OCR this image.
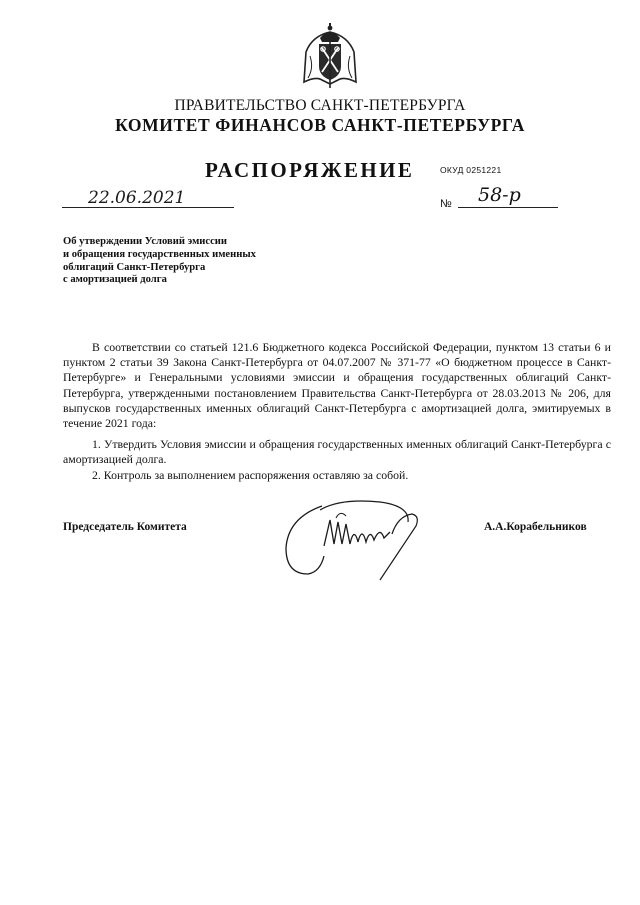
ПРАВИТЕЛЬСТВО САНКТ-ПЕТЕРБУРГА
КОМИТЕТ ФИНАНСОВ САНКТ-ПЕТЕРБУРГА
РАСПОРЯЖЕНИЕ	ОКУД 0251221
22.06.2021	№ 58-р
Об утверждении Условий эмиссии
и обращения государственных именных
облигаций Санкт-Петербурга
с амортизацией долга

В соответствии со статьей 121.6 Бюджетного кодекса Российской Федерации, пунктом 13 статьи 6 и пунктом 2 статьи 39 Закона Санкт-Петербурга от 04.07.2007 № 371-77 «О бюджетном процессе в Санкт-Петербурге» и Генеральными условиями эмиссии и обращения государственных облигаций Санкт-Петербурга, утвержденными постановлением Правительства Санкт-Петербурга от 28.03.2013 № 206, для выпусков государственных именных облигаций Санкт-Петербурга с амортизацией долга, эмитируемых в течение 2021 года:

1. Утвердить Условия эмиссии и обращения государственных именных облигаций Санкт-Петербурга с амортизацией долга.

2. Контроль за выполнением распоряжения оставляю за собой.

Председатель Комитета	А.А.Корабельников
